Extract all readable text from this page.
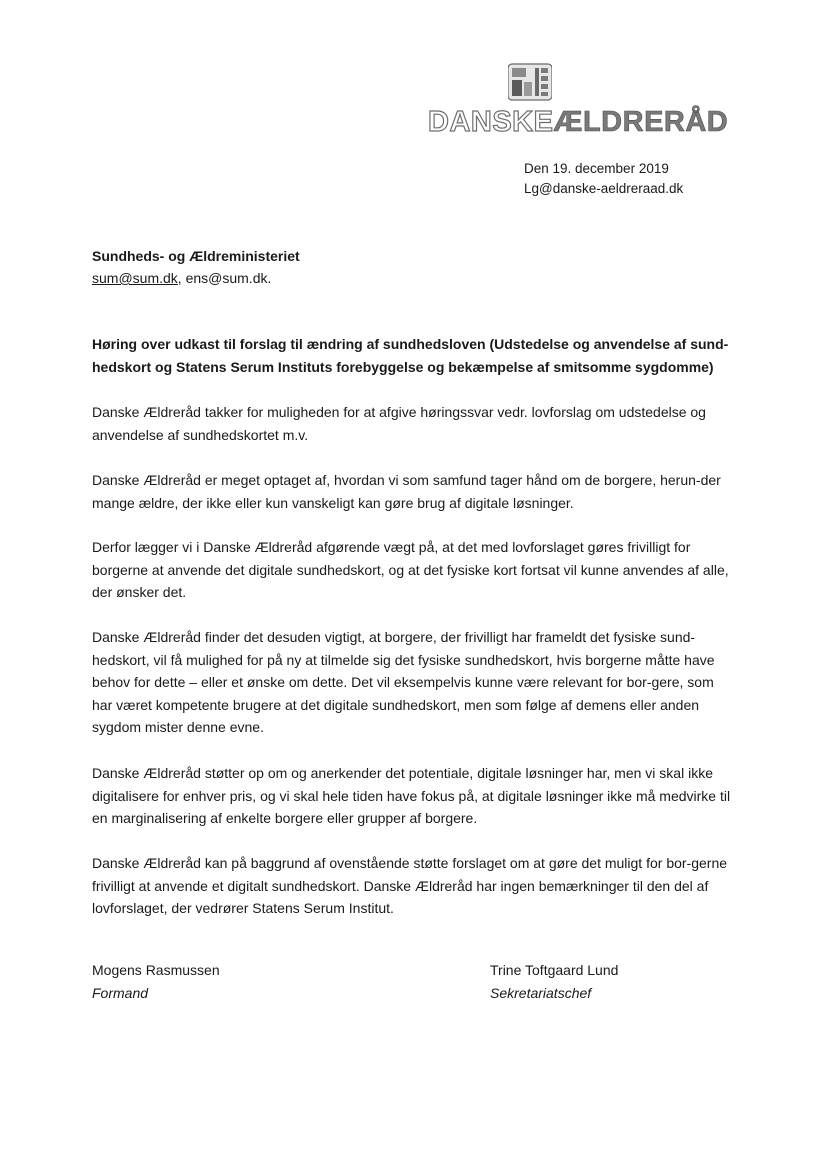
DANSKEÆLDRERÅD
Den 19. december 2019
Lg@danske-aeldreraad.dk
Sundheds- og Ældreministeriet
sum@sum.dk, ens@sum.dk.
Høring over udkast til forslag til ændring af sundhedsloven (Udstedelse og anvendelse af sund-hedskort og Statens Serum Instituts forebyggelse og bekæmpelse af smitsomme sygdomme)
Danske Ældreråd takker for muligheden for at afgive høringssvar vedr. lovforslag om udstedelse og anvendelse af sundhedskortet m.v.
Danske Ældreråd er meget optaget af, hvordan vi som samfund tager hånd om de borgere, herun-der mange ældre, der ikke eller kun vanskeligt kan gøre brug af digitale løsninger.
Derfor lægger vi i Danske Ældreråd afgørende vægt på, at det med lovforslaget gøres frivilligt for borgerne at anvende det digitale sundhedskort, og at det fysiske kort fortsat vil kunne anvendes af alle, der ønsker det.
Danske Ældreråd finder det desuden vigtigt, at borgere, der frivilligt har frameldt det fysiske sund-hedskort, vil få mulighed for på ny at tilmelde sig det fysiske sundhedskort, hvis borgerne måtte have behov for dette – eller et ønske om dette. Det vil eksempelvis kunne være relevant for bor-gere, som har været kompetente brugere at det digitale sundhedskort, men som følge af demens eller anden sygdom mister denne evne.
Danske Ældreråd støtter op om og anerkender det potentiale, digitale løsninger har, men vi skal ikke digitalisere for enhver pris, og vi skal hele tiden have fokus på, at digitale løsninger ikke må medvirke til en marginalisering af enkelte borgere eller grupper af borgere.
Danske Ældreråd kan på baggrund af ovenstående støtte forslaget om at gøre det muligt for bor-gerne frivilligt at anvende et digitalt sundhedskort. Danske Ældreråd har ingen bemærkninger til den del af lovforslaget, der vedrører Statens Serum Institut.
Mogens Rasmussen
Formand
Trine Toftgaard Lund
Sekretariatschef
